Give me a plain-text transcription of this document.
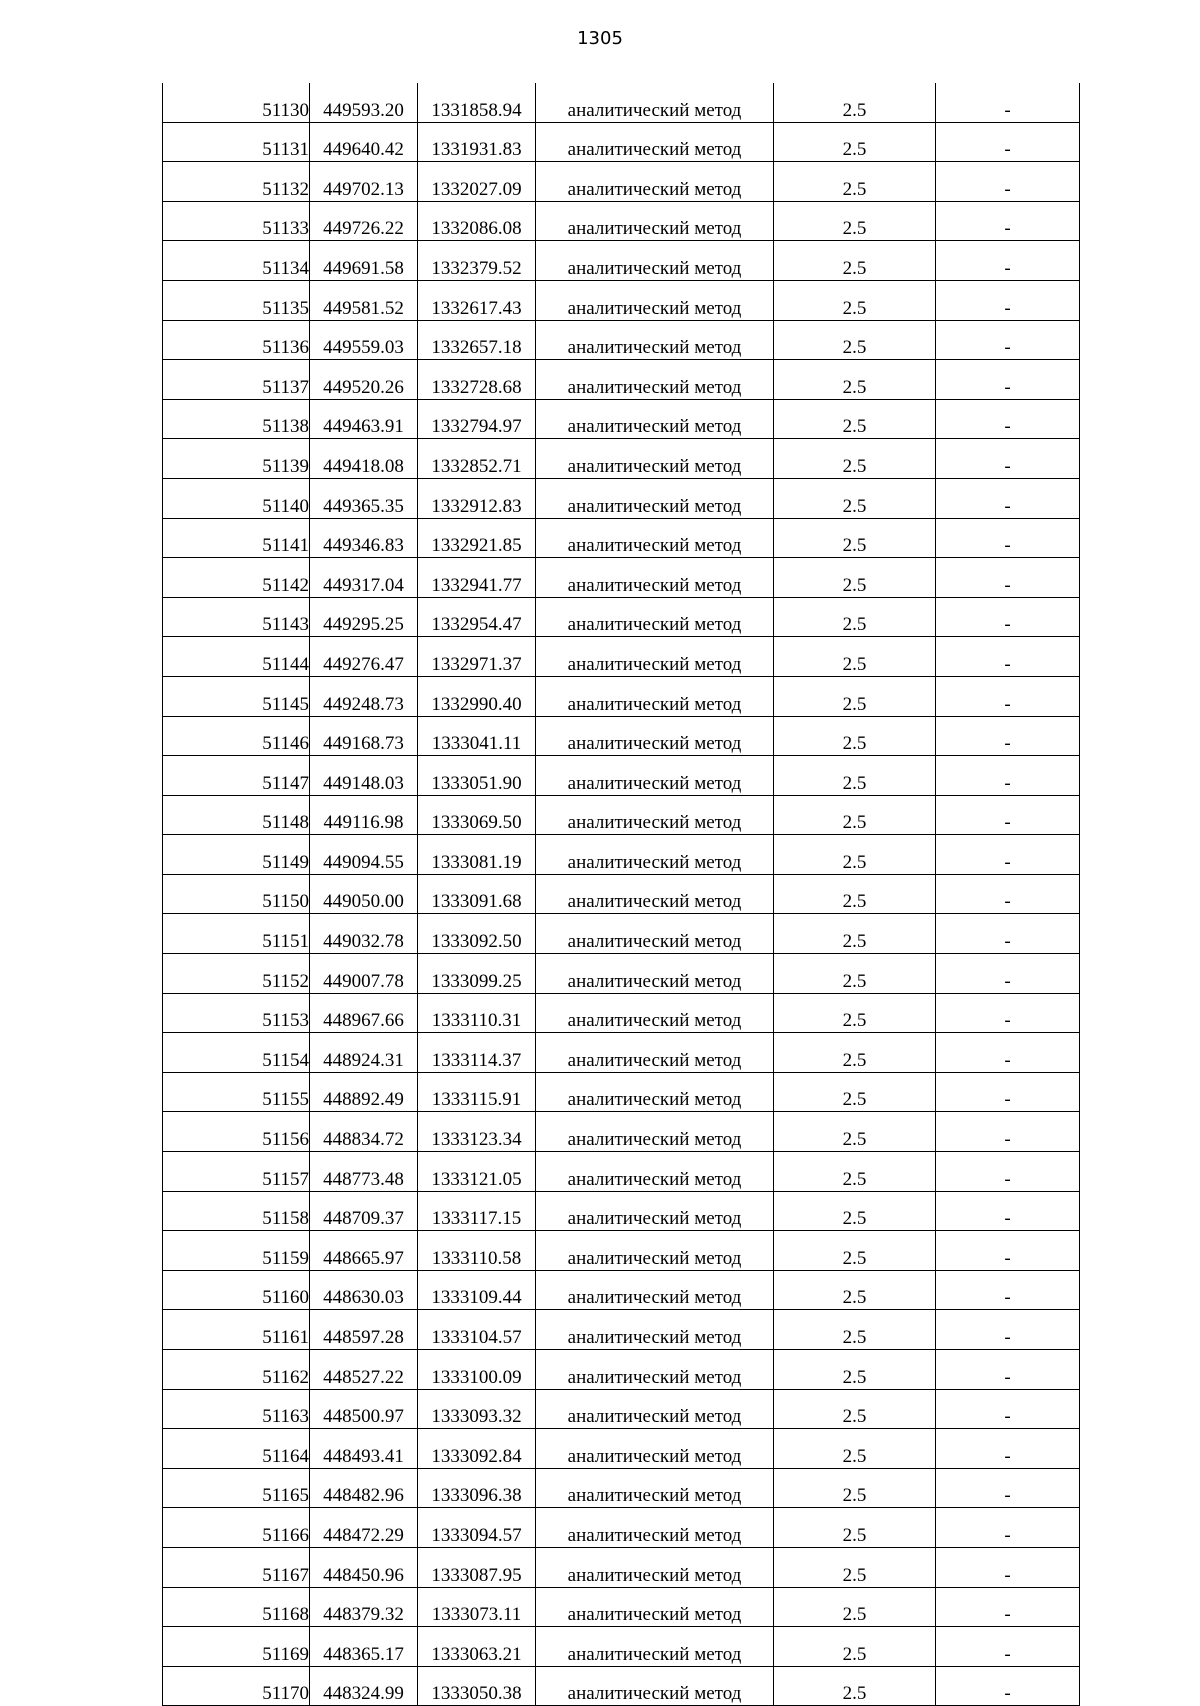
1305
51130	449593.20	1331858.94	аналитический метод	2.5	-
51131	449640.42	1331931.83	аналитический метод	2.5	-
51132	449702.13	1332027.09	аналитический метод	2.5	-
51133	449726.22	1332086.08	аналитический метод	2.5	-
51134	449691.58	1332379.52	аналитический метод	2.5	-
51135	449581.52	1332617.43	аналитический метод	2.5	-
51136	449559.03	1332657.18	аналитический метод	2.5	-
51137	449520.26	1332728.68	аналитический метод	2.5	-
51138	449463.91	1332794.97	аналитический метод	2.5	-
51139	449418.08	1332852.71	аналитический метод	2.5	-
51140	449365.35	1332912.83	аналитический метод	2.5	-
51141	449346.83	1332921.85	аналитический метод	2.5	-
51142	449317.04	1332941.77	аналитический метод	2.5	-
51143	449295.25	1332954.47	аналитический метод	2.5	-
51144	449276.47	1332971.37	аналитический метод	2.5	-
51145	449248.73	1332990.40	аналитический метод	2.5	-
51146	449168.73	1333041.11	аналитический метод	2.5	-
51147	449148.03	1333051.90	аналитический метод	2.5	-
51148	449116.98	1333069.50	аналитический метод	2.5	-
51149	449094.55	1333081.19	аналитический метод	2.5	-
51150	449050.00	1333091.68	аналитический метод	2.5	-
51151	449032.78	1333092.50	аналитический метод	2.5	-
51152	449007.78	1333099.25	аналитический метод	2.5	-
51153	448967.66	1333110.31	аналитический метод	2.5	-
51154	448924.31	1333114.37	аналитический метод	2.5	-
51155	448892.49	1333115.91	аналитический метод	2.5	-
51156	448834.72	1333123.34	аналитический метод	2.5	-
51157	448773.48	1333121.05	аналитический метод	2.5	-
51158	448709.37	1333117.15	аналитический метод	2.5	-
51159	448665.97	1333110.58	аналитический метод	2.5	-
51160	448630.03	1333109.44	аналитический метод	2.5	-
51161	448597.28	1333104.57	аналитический метод	2.5	-
51162	448527.22	1333100.09	аналитический метод	2.5	-
51163	448500.97	1333093.32	аналитический метод	2.5	-
51164	448493.41	1333092.84	аналитический метод	2.5	-
51165	448482.96	1333096.38	аналитический метод	2.5	-
51166	448472.29	1333094.57	аналитический метод	2.5	-
51167	448450.96	1333087.95	аналитический метод	2.5	-
51168	448379.32	1333073.11	аналитический метод	2.5	-
51169	448365.17	1333063.21	аналитический метод	2.5	-
51170	448324.99	1333050.38	аналитический метод	2.5	-
